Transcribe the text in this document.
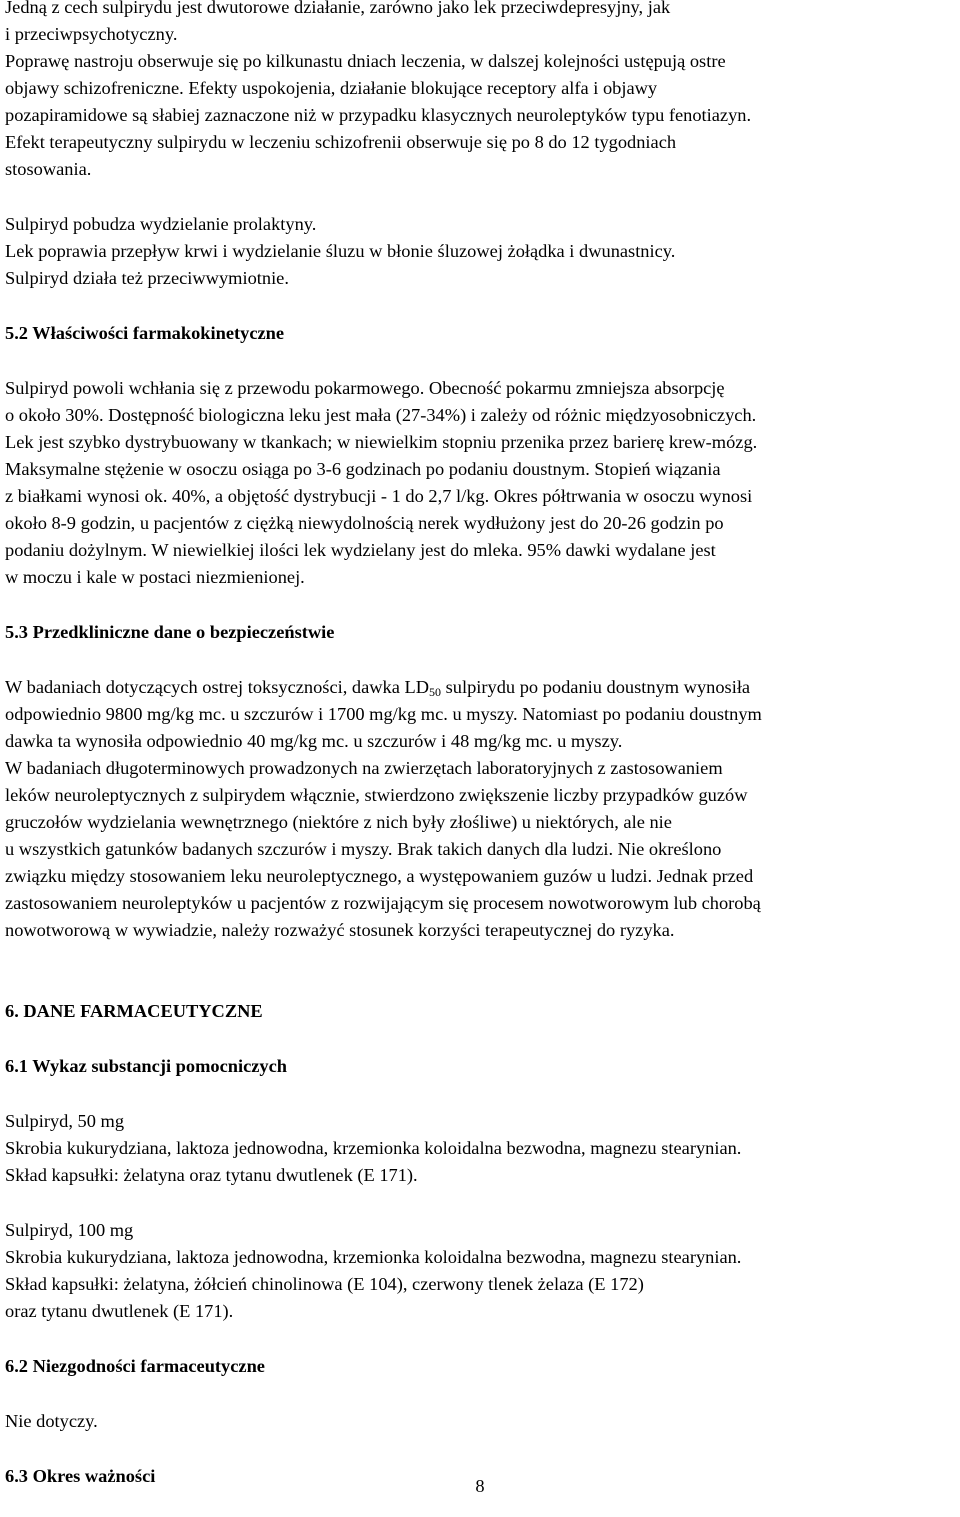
Jedną z cech sulpirydu jest dwutorowe działanie, zarówno jako lek przeciwdepresyjny, jak
i przeciwpsychotyczny.
Poprawę nastroju obserwuje się po kilkunastu dniach leczenia, w dalszej kolejności ustępują ostre
objawy schizofreniczne. Efekty uspokojenia, działanie blokujące receptory alfa i objawy
pozapiramidowe są słabiej zaznaczone niż w przypadku klasycznych neuroleptyków typu fenotiazyn.
Efekt terapeutyczny sulpirydu w leczeniu schizofrenii obserwuje się po 8 do 12 tygodniach
stosowania.
Sulpiryd pobudza wydzielanie prolaktyny.
Lek poprawia przepływ krwi i wydzielanie śluzu w błonie śluzowej żołądka i dwunastnicy.
Sulpiryd działa też przeciwwymiotnie.
5.2 Właściwości farmakokinetyczne
Sulpiryd powoli wchłania się z przewodu pokarmowego. Obecność pokarmu zmniejsza absorpcję
o około 30%. Dostępność biologiczna leku jest mała (27-34%) i zależy od różnic międzyosobniczych.
Lek jest szybko dystrybuowany w tkankach; w niewielkim stopniu przenika przez barierę krew-mózg.
Maksymalne stężenie w osoczu osiąga po 3-6 godzinach po podaniu doustnym. Stopień wiązania
z białkami wynosi ok. 40%, a objętość dystrybucji - 1 do 2,7 l/kg. Okres półtrwania w osoczu wynosi
około 8-9 godzin, u pacjentów z ciężką niewydolnością nerek wydłużony jest do 20-26 godzin po
podaniu dożylnym. W niewielkiej ilości lek wydzielany jest do mleka. 95% dawki wydalane jest
w moczu i kale w postaci niezmienionej.
5.3 Przedkliniczne dane o bezpieczeństwie
W badaniach dotyczących ostrej toksyczności, dawka $LD_{50}$ sulpirydu po podaniu doustnym wynosiła
odpowiednio 9800 mg/kg mc. u szczurów i 1700 mg/kg mc. u myszy. Natomiast po podaniu doustnym
dawka ta wynosiła odpowiednio 40 mg/kg mc. u szczurów i 48 mg/kg mc. u myszy.
W badaniach długoterminowych prowadzonych na zwierzętach laboratoryjnych z zastosowaniem
leków neuroleptycznych z sulpirydem włącznie, stwierdzono zwiększenie liczby przypadków guzów
gruczołów wydzielania wewnętrznego (niektóre z nich były złośliwe) u niektórych, ale nie
u wszystkich gatunków badanych szczurów i myszy. Brak takich danych dla ludzi. Nie określono
związku między stosowaniem leku neuroleptycznego, a występowaniem guzów u ludzi. Jednak przed
zastosowaniem neuroleptyków u pacjentów z rozwijającym się procesem nowotworowym lub chorobą
nowotworową w wywiadzie, należy rozważyć stosunek korzyści terapeutycznej do ryzyka.
6. DANE FARMACEUTYCZNE
6.1 Wykaz substancji pomocniczych
Sulpiryd, 50 mg
Skrobia kukurydziana, laktoza jednowodna, krzemionka koloidalna bezwodna, magnezu stearynian.
Skład kapsułki: żelatyna oraz tytanu dwutlenek (E 171).
Sulpiryd, 100 mg
Skrobia kukurydziana, laktoza jednowodna, krzemionka koloidalna bezwodna, magnezu stearynian.
Skład kapsułki: żelatyna, żółcień chinolinowa (E 104), czerwony tlenek żelaza (E 172)
oraz tytanu dwutlenek (E 171).
6.2 Niezgodności farmaceutyczne
Nie dotyczy.
6.3 Okres ważności	8
